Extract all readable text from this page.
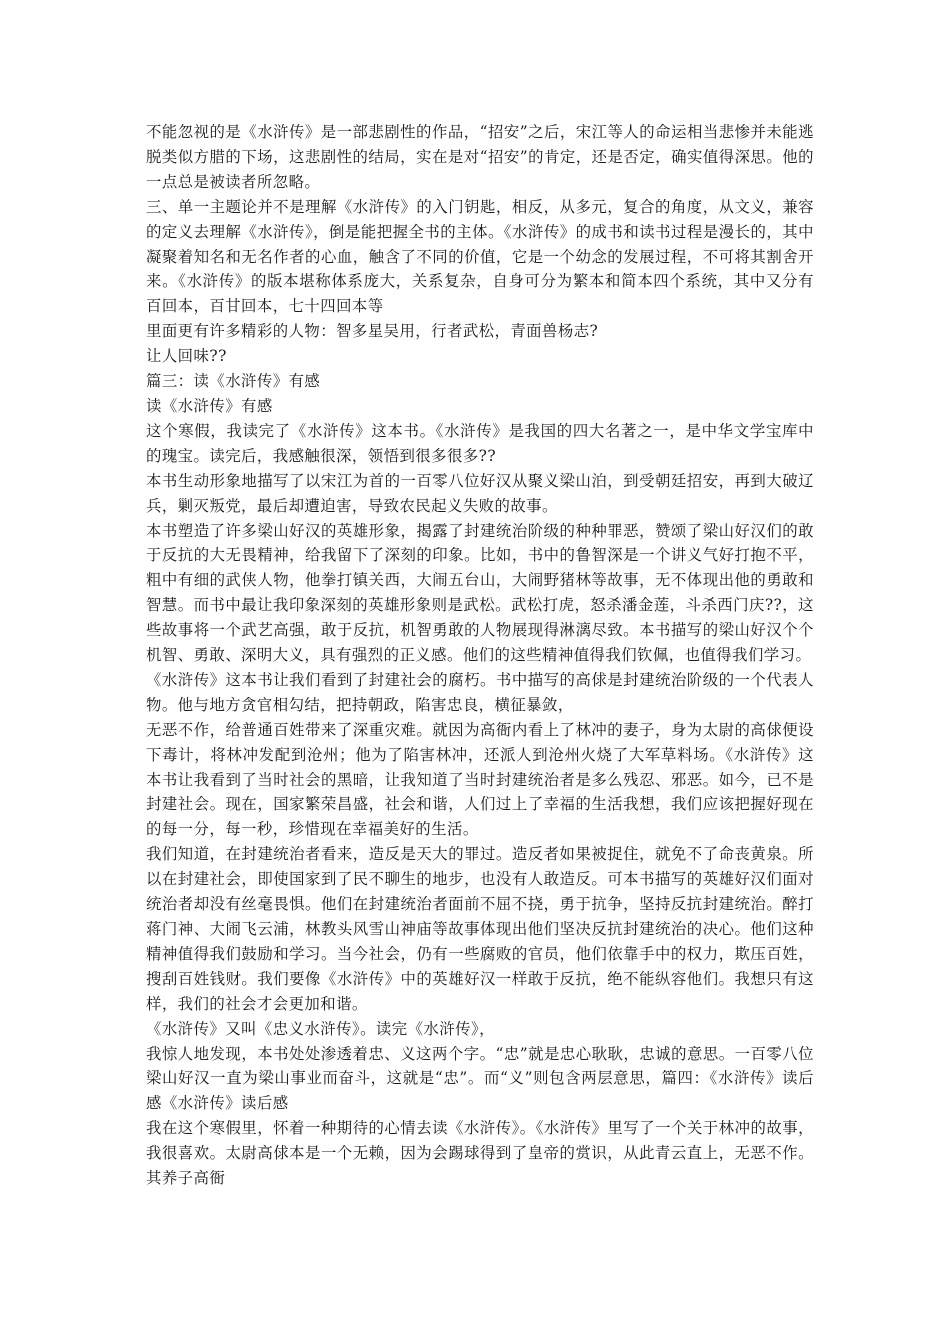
不能忽视的是《水浒传》是一部悲剧性的作品，“招安”之后，宋江等人的命运相当悲惨并未能逃脱类似方腊的下场，这悲剧性的结局，实在是对“招安”的肯定，还是否定，确实值得深思。他的一点总是被读者所忽略。

三、单一主题论并不是理解《水浒传》的入门钥匙，相反，从多元，复合的角度，从文义，兼容的定义去理解《水浒传》，倒是能把握全书的主体。《水浒传》的成书和读书过程是漫长的，其中凝聚着知名和无名作者的心血，触含了不同的价值，它是一个幼念的发展过程，不可将其割舍开来。《水浒传》的版本堪称体系庞大，关系复杂，自身可分为繁本和简本四个系统，其中又分有百回本，百甘回本，七十四回本等

里面更有许多精彩的人物：智多星吴用，行者武松，青面兽杨志?

让人回味??

篇三：读《水浒传》有感

读《水浒传》有感

这个寒假，我读完了《水浒传》这本书。《水浒传》是我国的四大名著之一，是中华文学宝库中的瑰宝。读完后，我感触很深，领悟到很多很多??

本书生动形象地描写了以宋江为首的一百零八位好汉从聚义梁山泊，到受朝廷招安，再到大破辽兵，剿灭叛党，最后却遭迫害，导致农民起义失败的故事。

本书塑造了许多梁山好汉的英雄形象，揭露了封建统治阶级的种种罪恶，赞颂了梁山好汉们的敢于反抗的大无畏精神，给我留下了深刻的印象。比如，书中的鲁智深是一个讲义气好打抱不平，粗中有细的武侠人物，他拳打镇关西，大闹五台山，大闹野猪林等故事，无不体现出他的勇敢和智慧。而书中最让我印象深刻的英雄形象则是武松。武松打虎，怒杀潘金莲，斗杀西门庆??，这些故事将一个武艺高强，敢于反抗，机智勇敢的人物展现得淋漓尽致。本书描写的梁山好汉个个机智、勇敢、深明大义，具有强烈的正义感。他们的这些精神值得我们钦佩，也值得我们学习。

《水浒传》这本书让我们看到了封建社会的腐朽。书中描写的高俅是封建统治阶级的一个代表人物。他与地方贪官相勾结，把持朝政，陷害忠良，横征暴敛，

无恶不作，给普通百姓带来了深重灾难。就因为高衙内看上了林冲的妻子，身为太尉的高俅便设下毒计，将林冲发配到沧州；他为了陷害林冲，还派人到沧州火烧了大军草料场。《水浒传》这本书让我看到了当时社会的黑暗，让我知道了当时封建统治者是多么残忍、邪恶。如今，已不是封建社会。现在，国家繁荣昌盛，社会和谐，人们过上了幸福的生活我想，我们应该把握好现在的每一分，每一秒，珍惜现在幸福美好的生活。

我们知道，在封建统治者看来，造反是天大的罪过。造反者如果被捉住，就免不了命丧黄泉。所以在封建社会，即使国家到了民不聊生的地步，也没有人敢造反。可本书描写的英雄好汉们面对统治者却没有丝毫畏惧。他们在封建统治者面前不屈不挠，勇于抗争，坚持反抗封建统治。醉打蒋门神、大闹飞云浦，林教头风雪山神庙等故事体现出他们坚决反抗封建统治的决心。他们这种精神值得我们鼓励和学习。当今社会，仍有一些腐败的官员，他们依靠手中的权力，欺压百姓，搜刮百姓钱财。我们要像《水浒传》中的英雄好汉一样敢于反抗，绝不能纵容他们。我想只有这样，我们的社会才会更加和谐。

《水浒传》又叫《忠义水浒传》。读完《水浒传》，

我惊人地发现，本书处处渗透着忠、义这两个字。“忠”就是忠心耿耿，忠诚的意思。一百零八位梁山好汉一直为梁山事业而奋斗，这就是“忠”。而“义”则包含两层意思，篇四：《水浒传》读后感《水浒传》读后感

我在这个寒假里，怀着一种期待的心情去读《水浒传》。《水浒传》里写了一个关于林冲的故事，我很喜欢。太尉高俅本是一个无赖，因为会踢球得到了皇帝的赏识，从此青云直上，无恶不作。其养子高衙
